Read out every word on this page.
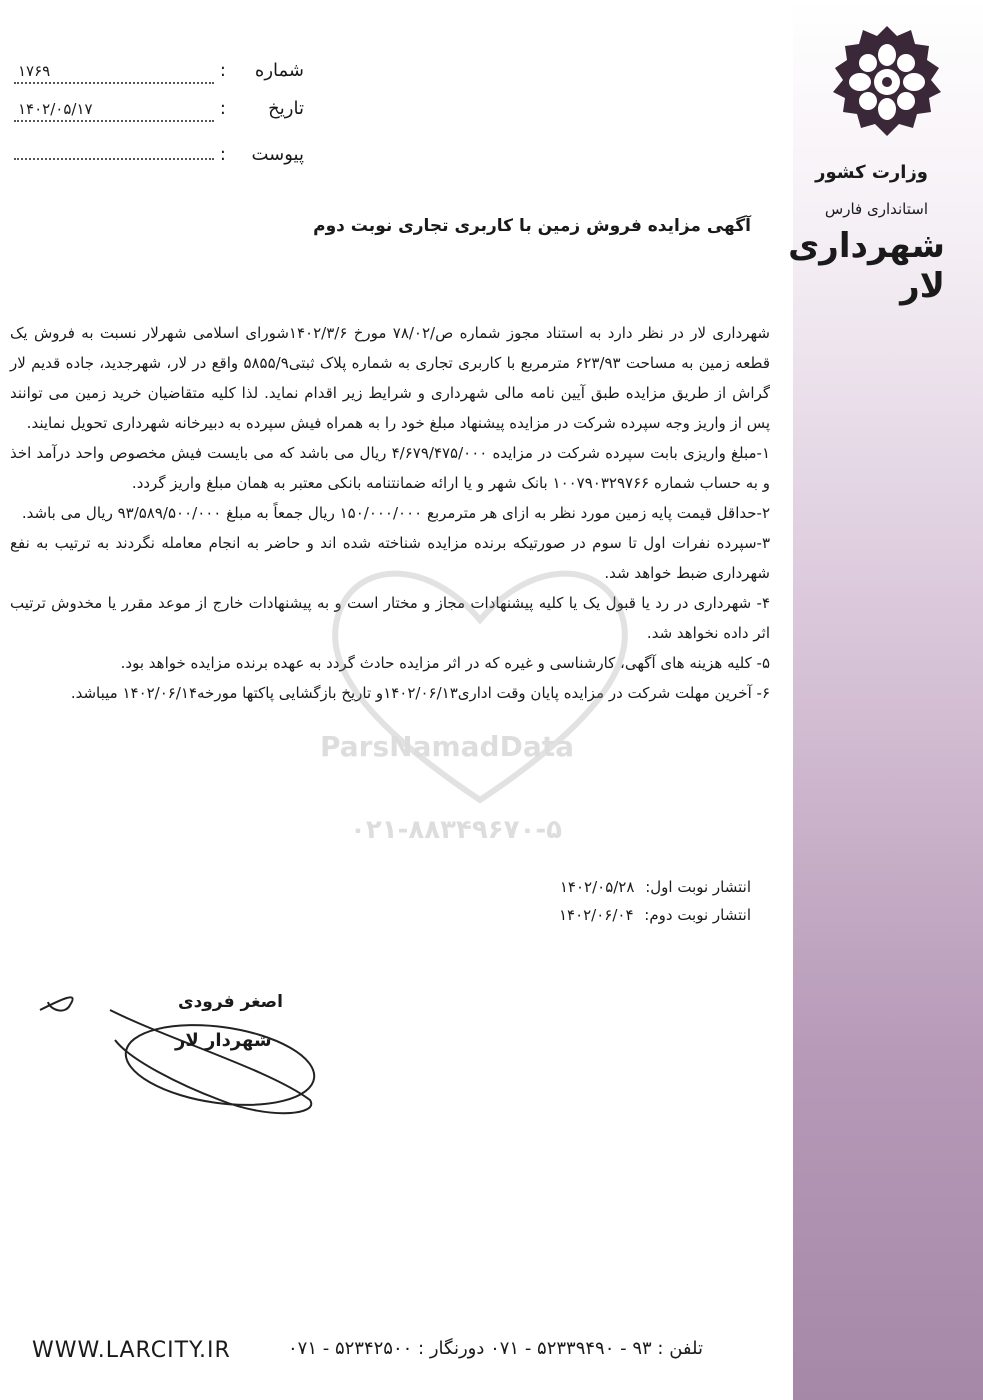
وزارت کشور
استانداری فارس
شهرداری لار
شماره
:
۱۷۶۹
تاریخ
:
۱۴۰۲/۰۵/۱۷
پیوست
:
آگهی مزایده فروش زمین با کاربری تجاری نوبت دوم

شهرداری لار در نظر دارد به استناد مجوز شماره ص/۷۸/۰۲ مورخ ۱۴۰۲/۳/۶شورای اسلامی شهرلار نسبت به فروش یک قطعه زمین به مساحت ۶۲۳/۹۳ مترمربع با کاربری تجاری به شماره پلاک ثبتی۵۸۵۵/۹ واقع در لار، شهرجدید، جاده قدیم لار گراش از طریق مزایده طبق آیین نامه مالی شهرداری و شرایط زیر اقدام نماید. لذا کلیه متقاضیان خرید زمین می توانند پس از واریز وجه سپرده شرکت در مزایده پیشنهاد مبلغ خود را به همراه فیش سپرده به دبیرخانه شهرداری تحویل نمایند.

۱-مبلغ واریزی بابت سپرده شرکت در مزایده ۴/۶۷۹/۴۷۵/۰۰۰ ریال می باشد که می بایست فیش مخصوص واحد درآمد اخذ و به حساب شماره ۱۰۰۷۹۰۳۲۹۷۶۶ بانک شهر و یا ارائه ضمانتنامه بانکی معتبر به همان مبلغ واریز گردد.

۲-حداقل قیمت پایه زمین مورد نظر به ازای هر مترمربع ۱۵۰/۰۰۰/۰۰۰ ریال جمعاً به مبلغ ۹۳/۵۸۹/۵۰۰/۰۰۰ ریال می باشد.

۳-سپرده نفرات اول تا سوم در صورتیکه برنده مزایده شناخته شده اند و حاضر به انجام معامله نگردند به ترتیب به نفع شهرداری ضبط خواهد شد.

۴- شهرداری در رد یا قبول یک یا کلیه پیشنهادات مجاز و مختار است و به پیشنهادات خارج از موعد مقرر یا مخدوش ترتیب اثر داده نخواهد شد.

۵- کلیه هزینه های آگهی، کارشناسی و غیره که در اثر مزایده حادث گردد به عهده برنده مزایده خواهد بود.

۶- آخرین مهلت شرکت در مزایده پایان وقت اداری۱۴۰۲/۰۶/۱۳و تاریخ بازگشایی پاکتها مورخه۱۴۰۲/۰۶/۱۴ میباشد.

انتشار نوبت اول: ۱۴۰۲/۰۵/۲۸
انتشار نوبت دوم: ۱۴۰۲/۰۶/۰۴
ParsNamadData
۰۲۱-۸۸۳۴۹۶۷۰-۵
اصغر فرودی
شهردار لار
WWW.LARCITY.IR	تلفن : ۹۳ - ۵۲۳۳۹۴۹۰ - ۰۷۱ دورنگار : ۵۲۳۴۲۵۰۰ - ۰۷۱
